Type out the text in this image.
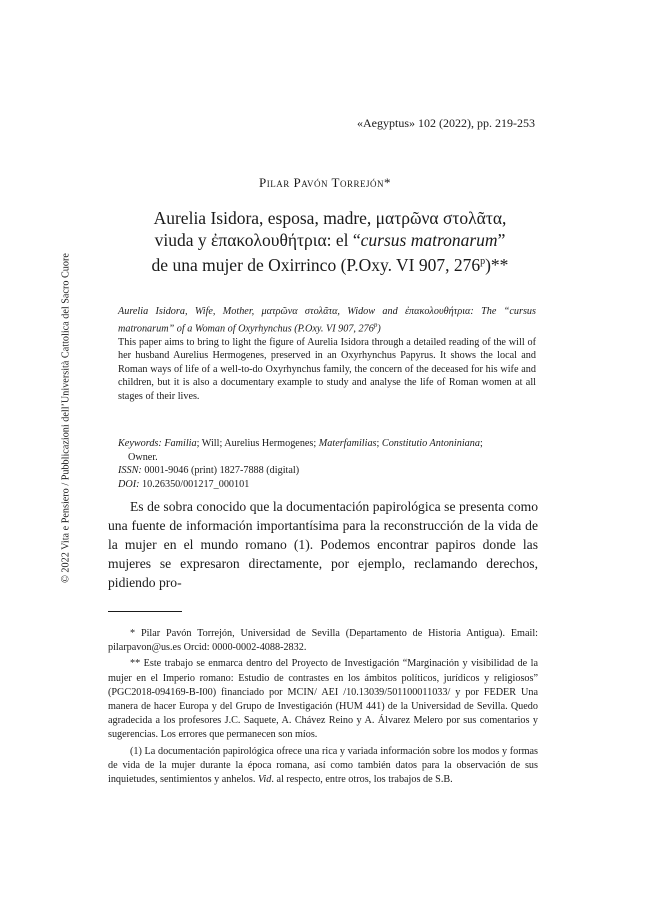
«Aegyptus» 102 (2022), pp. 219-253
Pilar Pavón Torrejón*
Aurelia Isidora, esposa, madre, ματρῶνα στολᾶτα,
viuda y ἐπακολουθήτρια: el “cursus matronarum”
de una mujer de Oxirrinco (P.Oxy. VI 907, 276$^p$)**
Aurelia Isidora, Wife, Mother, ματρῶνα στολᾶτα, Widow and ἐπακολουθήτρια: The “cursus matronarum” of a Woman of Oxyrhynchus (P.Oxy. VI 907, 276$^p$)
This paper aims to bring to light the figure of Aurelia Isidora through a detailed reading of the will of her husband Aurelius Hermogenes, preserved in an Oxyrhynchus Papyrus. It shows the local and Roman ways of life of a well-to-do Oxyrhynchus family, the concern of the deceased for his wife and children, but it is also a documentary example to study and analyse the life of Roman women at all stages of their lives.

Keywords: Familia; Will; Aurelius Hermogenes; Materfamilias; Constitutio Antoniniana;

Owner.

ISSN: 0001-9046 (print) 1827-7888 (digital)

DOI: 10.26350/001217_000101

Es de sobra conocido que la documentación papirológica se presenta como una fuente de información importantísima para la reconstrucción de la vida de la mujer en el mundo romano (1). Podemos encontrar papiros donde las mujeres se expresaron directamente, por ejemplo, reclamando derechos, pidiendo pro-

* Pilar Pavón Torrejón, Universidad de Sevilla (Departamento de Historia Antigua). Email: pilarpavon@us.es Orcid: 0000-0002-4088-2832.

** Este trabajo se enmarca dentro del Proyecto de Investigación “Marginación y visibilidad de la mujer en el Imperio romano: Estudio de contrastes en los ámbitos políticos, jurídicos y religiosos” (PGC2018-094169-B-I00) financiado por MCIN/ AEI /10.13039/501100011033/ y por FEDER Una manera de hacer Europa y del Grupo de Investigación (HUM 441) de la Universidad de Sevilla. Quedo agradecida a los profesores J.C. Saquete, A. Chávez Reino y A. Álvarez Melero por sus comentarios y sugerencias. Los errores que permanecen son míos.

(1) La documentación papirológica ofrece una rica y variada información sobre los modos y formas de vida de la mujer durante la época romana, así como también datos para la observación de sus inquietudes, sentimientos y anhelos. Vid. al respecto, entre otros, los trabajos de S.B.

© 2022 Vita e Pensiero / Pubblicazioni dell’Università Cattolica del Sacro Cuore
